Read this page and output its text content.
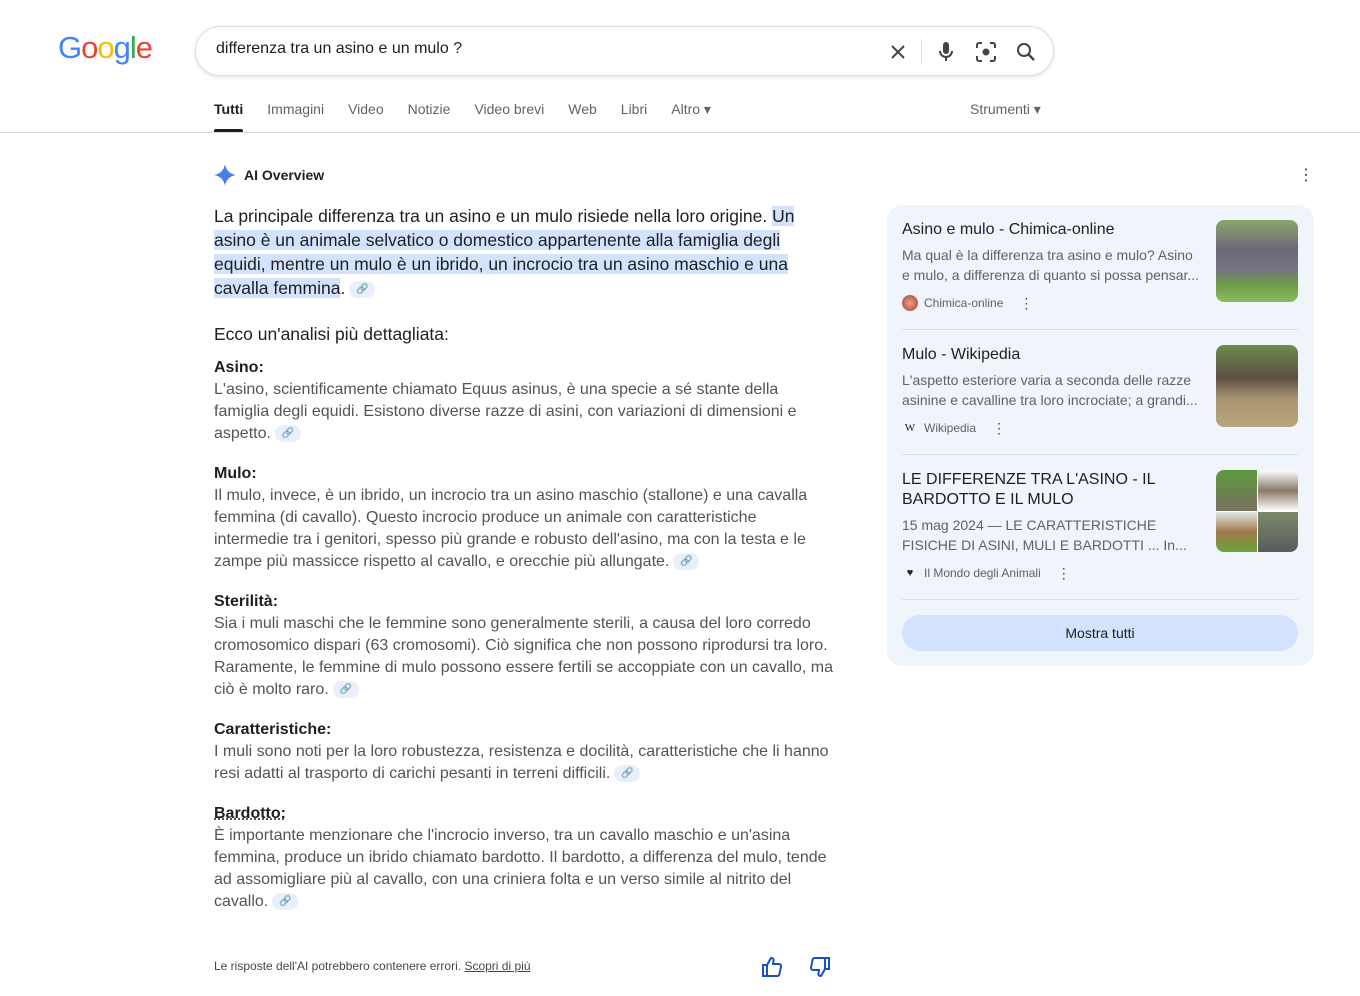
Google
differenza tra un asino e un mulo ?
Tutti Immagini Video Notizie Video brevi Web Libri Altro ▾	Strumenti ▾
AI Overview	⋮
La principale differenza tra un asino e un mulo risiede nella loro origine. Un asino è un animale selvatico o domestico appartenente alla famiglia degli equidi, mentre un mulo è un ibrido, un incrocio tra un asino maschio e una cavalla femmina. 🔗
Ecco un'analisi più dettagliata:
Asino:

L'asino, scientificamente chiamato Equus asinus, è una specie a sé stante della famiglia degli equidi. Esistono diverse razze di asini, con variazioni di dimensioni e aspetto. 🔗

Mulo:

Il mulo, invece, è un ibrido, un incrocio tra un asino maschio (stallone) e una cavalla femmina (di cavallo). Questo incrocio produce un animale con caratteristiche intermedie tra i genitori, spesso più grande e robusto dell'asino, ma con la testa e le zampe più massicce rispetto al cavallo, e orecchie più allungate. 🔗

Sterilità:

Sia i muli maschi che le femmine sono generalmente sterili, a causa del loro corredo cromosomico dispari (63 cromosomi). Ciò significa che non possono riprodursi tra loro. Raramente, le femmine di mulo possono essere fertili se accoppiate con un cavallo, ma ciò è molto raro. 🔗

Caratteristiche:

I muli sono noti per la loro robustezza, resistenza e docilità, caratteristiche che li hanno resi adatti al trasporto di carichi pesanti in terreni difficili. 🔗

Bardotto:

È importante menzionare che l'incrocio inverso, tra un cavallo maschio e un'asina femmina, produce un ibrido chiamato bardotto. Il bardotto, a differenza del mulo, tende ad assomigliare più al cavallo, con una criniera folta e un verso simile al nitrito del cavallo. 🔗

Le risposte dell'AI potrebbero contenere errori. Scopri di più
Asino e mulo - Chimica-online
Ma qual è la differenza tra asino e mulo? Asino e mulo, a differenza di quanto si possa pensar...
Chimica-online ⋮
Mulo - Wikipedia
L'aspetto esteriore varia a seconda delle razze asinine e cavalline tra loro incrociate; a grandi...
W Wikipedia ⋮
LE DIFFERENZE TRA L'ASINO - IL BARDOTTO E IL MULO
15 mag 2024 — LE CARATTERISTICHE FISICHE DI ASINI, MULI E BARDOTTI ... In...
♥ Il Mondo degli Animali ⋮
Mostra tutti
